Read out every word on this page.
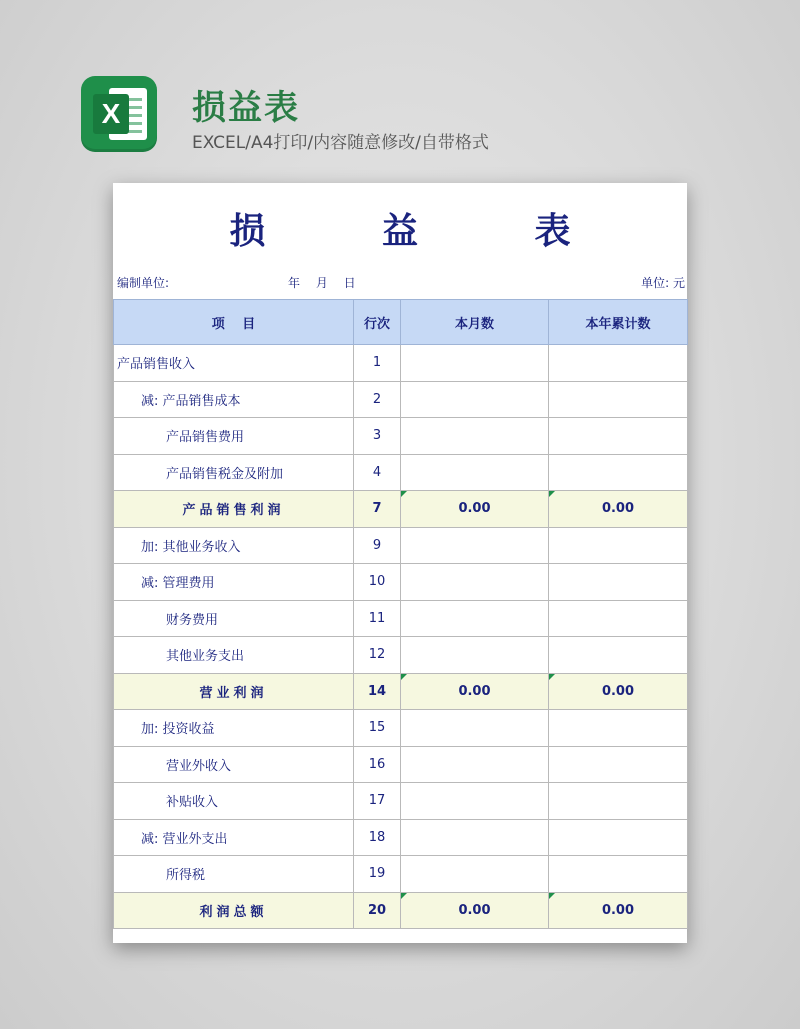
X 损益表
EXCEL/A4打印/内容随意修改/自带格式
损 益 表
编制单位:	年 月 日	单位: 元
项　 目	行次	本月数	本年累计数
产品销售收入	1		
减: 产品销售成本	2		
产品销售费用	3		
产品销售税金及附加	4		
产品销售利润	7	0.00	0.00
加: 其他业务收入	9		
减: 管理费用	10		
财务费用	11		
其他业务支出	12		
营业利润	14	0.00	0.00
加: 投资收益	15		
营业外收入	16		
补贴收入	17		
减: 营业外支出	18		
所得税	19		
利润总额	20	0.00	0.00
